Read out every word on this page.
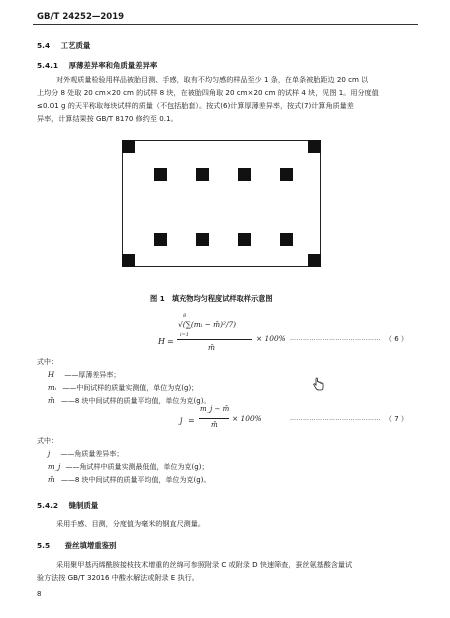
GB/T 24252—2019
5.4 工艺质量
5.4.1 厚薄差异率和角质量差异率
对外观质量检验用样品被胎目测、手感，取有不均匀感的样品至少 1 条，在单条被胎距边 20 cm 以
上均分 8 处取 20 cm×20 cm 的试样 8 块，在被胎四角取 20 cm×20 cm 的试样 4 块，见图 1。用分度值
≤0.01 g 的天平称取每块试样的质量（不包括胎套）。按式(6)计算厚薄差异率，按式(7)计算角质量差
异率，计算结果按 GB/T 8170 修约至 0.1。
图 1　填充物均匀程度试样取样示意图
H =
8
i=1
√(∑(mᵢ − m̄)²/7)
m̄
× 100% …………………………………… （ 6 ）
式中：
H ——厚薄差异率；
mᵢ ——中间试样的质量实测值，单位为克(g)；
m̄ ——8 块中间试样的质量平均值，单位为克(g)。
j =
m_j − m̄
m̄
× 100%	…………………………………… （ 7 ）
式中：
j ——角质量差异率；
m_j ——角试样中质量实测最低值，单位为克(g)；
m̄ ——8 块中间试样的质量平均值，单位为克(g)。
5.4.2 缝制质量
采用手感、目测，分度值为毫米的钢直尺测量。
5.5 蚕丝填增重鉴别
采用聚甲基丙烯酰胺接枝技术增重的丝绵可参照附录 C 或附录 D 快速筛查，蚕丝氨基酸含量试
验方法按 GB/T 32016 中酸水解法或附录 E 执行。
8
